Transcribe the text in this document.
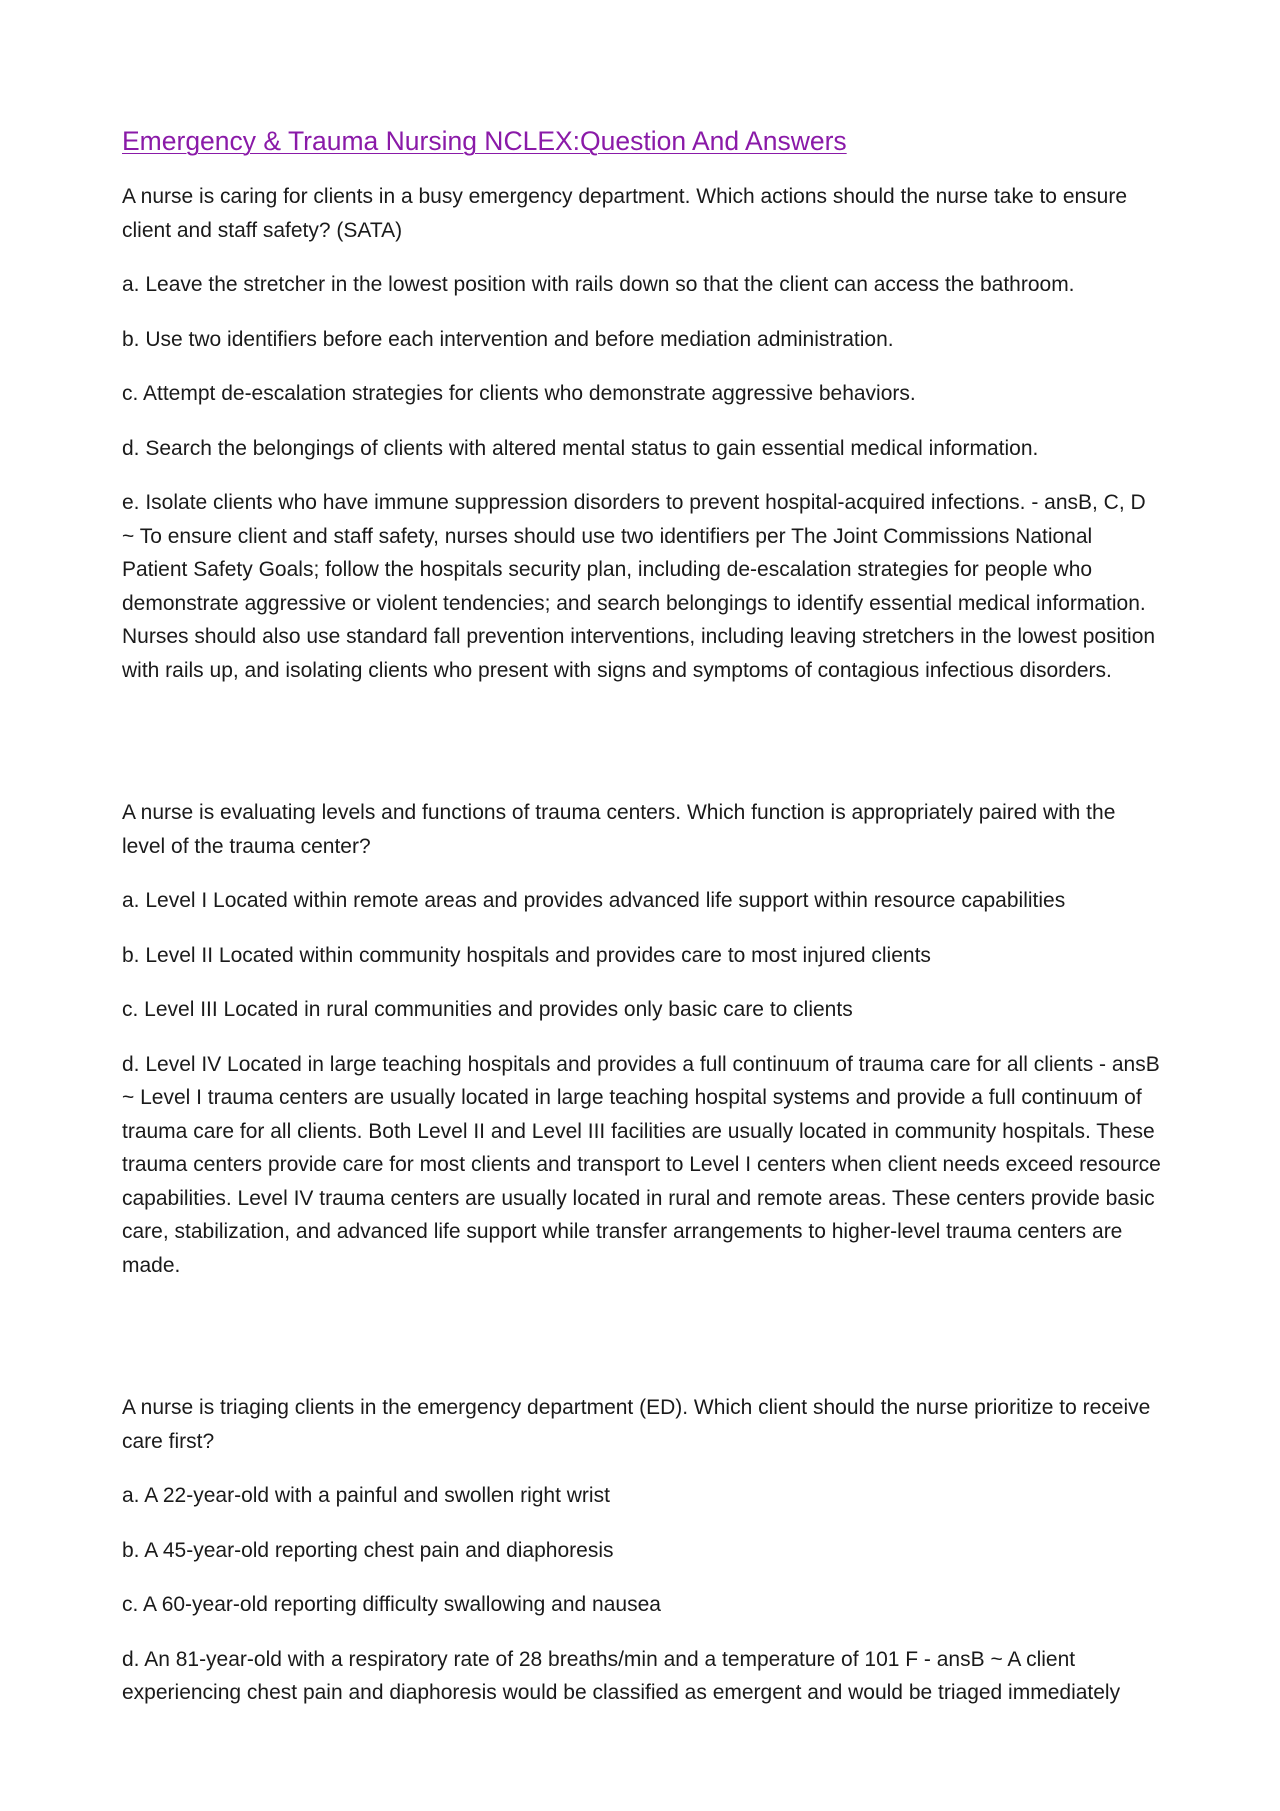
Emergency & Trauma Nursing NCLEX:Question And Answers

A nurse is caring for clients in a busy emergency department. Which actions should the nurse take to ensure client and staff safety? (SATA)

a. Leave the stretcher in the lowest position with rails down so that the client can access the bathroom.

b. Use two identifiers before each intervention and before mediation administration.

c. Attempt de-escalation strategies for clients who demonstrate aggressive behaviors.

d. Search the belongings of clients with altered mental status to gain essential medical information.

e. Isolate clients who have immune suppression disorders to prevent hospital-acquired infections. - ansB, C, D ~ To ensure client and staff safety, nurses should use two identifiers per The Joint Commissions National Patient Safety Goals; follow the hospitals security plan, including de-escalation strategies for people who demonstrate aggressive or violent tendencies; and search belongings to identify essential medical information. Nurses should also use standard fall prevention interventions, including leaving stretchers in the lowest position with rails up, and isolating clients who present with signs and symptoms of contagious infectious disorders.

A nurse is evaluating levels and functions of trauma centers. Which function is appropriately paired with the level of the trauma center?

a. Level I Located within remote areas and provides advanced life support within resource capabilities

b. Level II Located within community hospitals and provides care to most injured clients

c. Level III Located in rural communities and provides only basic care to clients

d. Level IV Located in large teaching hospitals and provides a full continuum of trauma care for all clients - ansB ~ Level I trauma centers are usually located in large teaching hospital systems and provide a full continuum of trauma care for all clients. Both Level II and Level III facilities are usually located in community hospitals. These trauma centers provide care for most clients and transport to Level I centers when client needs exceed resource capabilities. Level IV trauma centers are usually located in rural and remote areas. These centers provide basic care, stabilization, and advanced life support while transfer arrangements to higher-level trauma centers are made.

A nurse is triaging clients in the emergency department (ED). Which client should the nurse prioritize to receive care first?

a. A 22-year-old with a painful and swollen right wrist

b. A 45-year-old reporting chest pain and diaphoresis

c. A 60-year-old reporting difficulty swallowing and nausea

d. An 81-year-old with a respiratory rate of 28 breaths/min and a temperature of 101 F - ansB ~ A client experiencing chest pain and diaphoresis would be classified as emergent and would be triaged immediately
